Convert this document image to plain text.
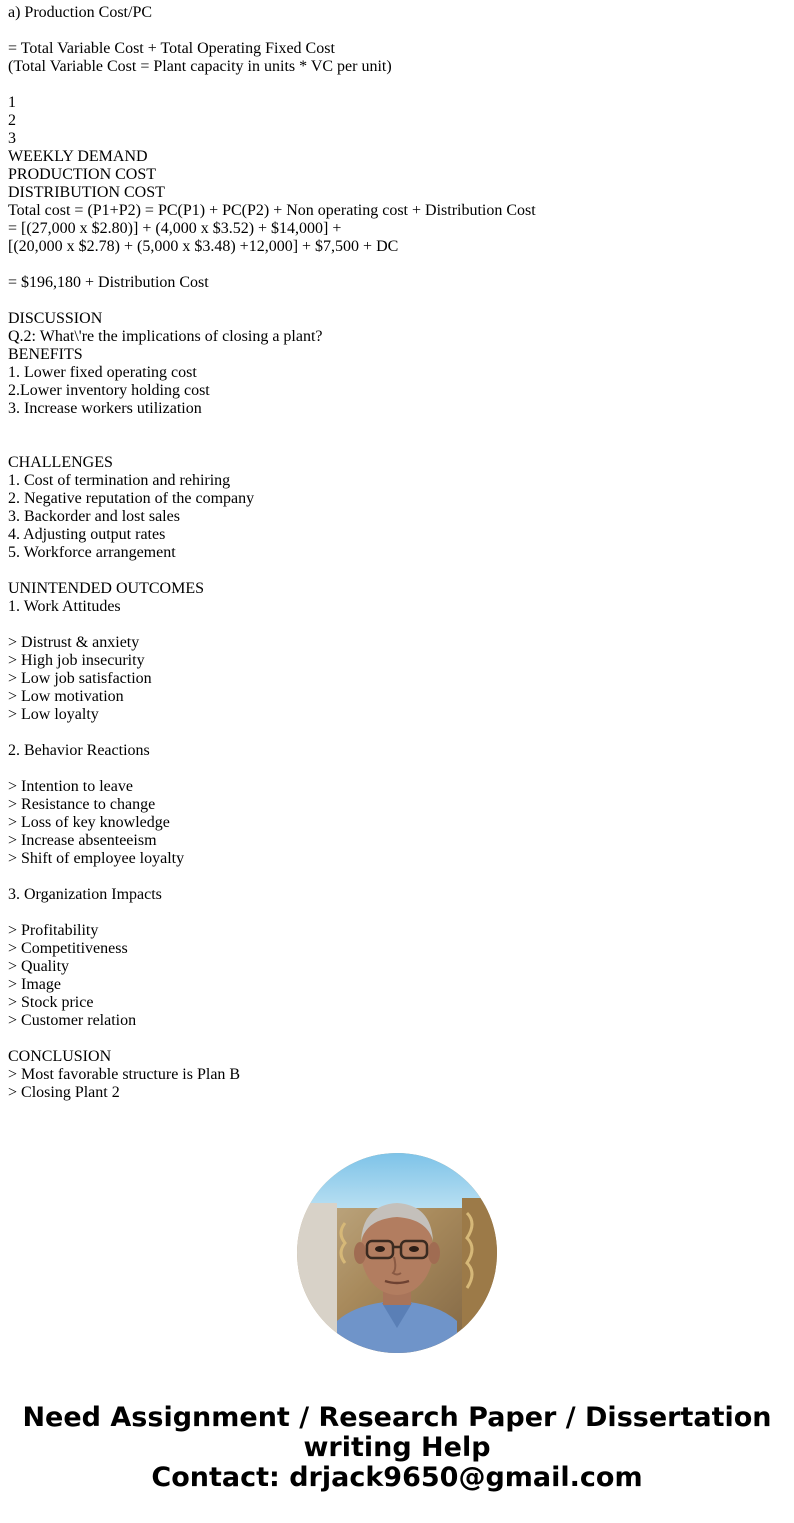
a) Production Cost/PC
= Total Variable Cost + Total Operating Fixed Cost
(Total Variable Cost = Plant capacity in units * VC per unit)
1
2
3
WEEKLY DEMAND
PRODUCTION COST
DISTRIBUTION COST
Total cost = (P1+P2) = PC(P1) + PC(P2) + Non operating cost + Distribution Cost
= [(27,000 x $2.80)] + (4,000 x $3.52) + $14,000] +
[(20,000 x $2.78) + (5,000 x $3.48) +12,000] + $7,500 + DC
= $196,180 + Distribution Cost
DISCUSSION
Q.2: What\'re the implications of closing a plant?
BENEFITS
1. Lower fixed operating cost
2.Lower inventory holding cost
3. Increase workers utilization
CHALLENGES
1. Cost of termination and rehiring
2. Negative reputation of the company
3. Backorder and lost sales
4. Adjusting output rates
5. Workforce arrangement
UNINTENDED OUTCOMES
1. Work Attitudes
> Distrust & anxiety
> High job insecurity
> Low job satisfaction
> Low motivation
> Low loyalty
2. Behavior Reactions
> Intention to leave
> Resistance to change
> Loss of key knowledge
> Increase absenteeism
> Shift of employee loyalty
3. Organization Impacts
> Profitability
> Competitiveness
> Quality
> Image
> Stock price
> Customer relation
CONCLUSION
> Most favorable structure is Plan B
> Closing Plant 2
Need Assignment / Research Paper / Dissertation
writing Help
Contact: drjack9650@gmail.com
